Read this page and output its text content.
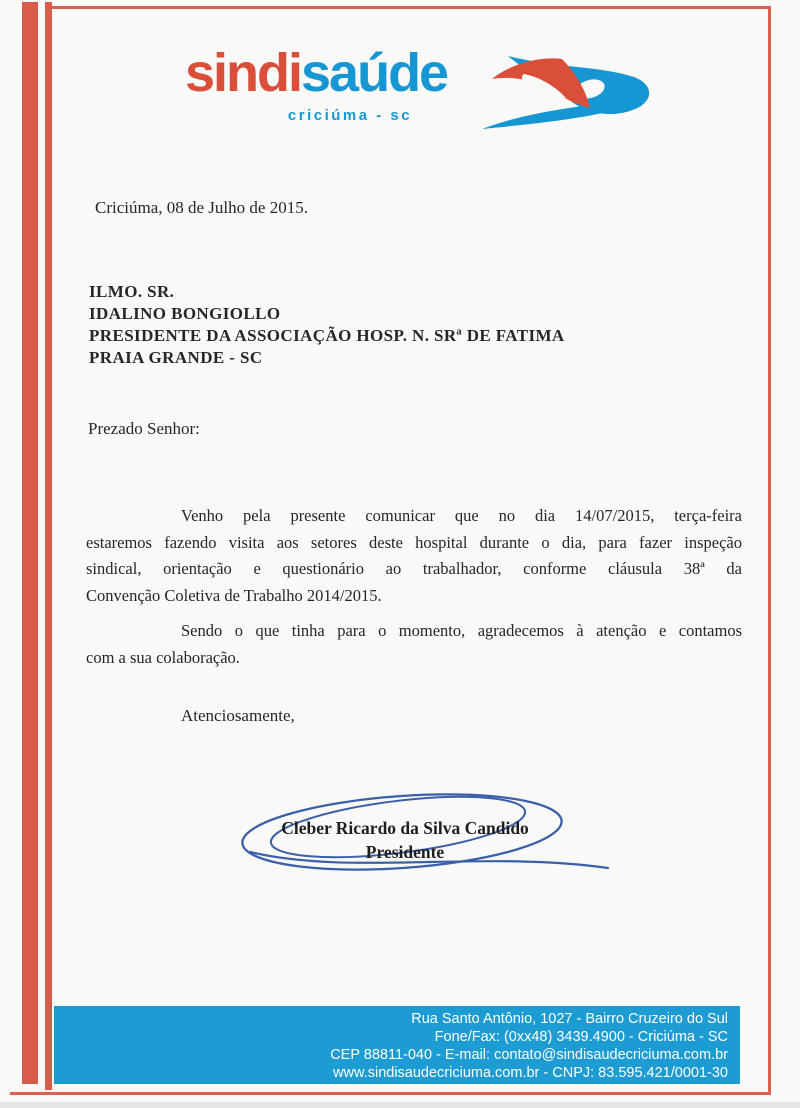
sindisaúde
criciúma - sc
Criciúma, 08 de Julho de 2015.
ILMO. SR.
IDALINO BONGIOLLO
PRESIDENTE DA ASSOCIAÇÃO HOSP. N. SRª DE FATIMA
PRAIA GRANDE - SC
Prezado Senhor:
Venho pela presente comunicar que no dia 14/07/2015, terça-feira
estaremos fazendo visita aos setores deste hospital durante o dia, para fazer inspeção
sindical, orientação e questionário ao trabalhador, conforme cláusula 38ª da
Convenção Coletiva de Trabalho 2014/2015.
Sendo o que tinha para o momento, agradecemos à atenção e contamos
com a sua colaboração.
Atenciosamente,
Cleber Ricardo da Silva Candido
Presidente
Rua Santo Antônio, 1027 - Bairro Cruzeiro do Sul
Fone/Fax: (0xx48) 3439.4900 - Criciúma - SC
CEP 88811-040 - E-mail: contato@sindisaudecriciuma.com.br
www.sindisaudecriciuma.com.br - CNPJ: 83.595.421/0001-30
